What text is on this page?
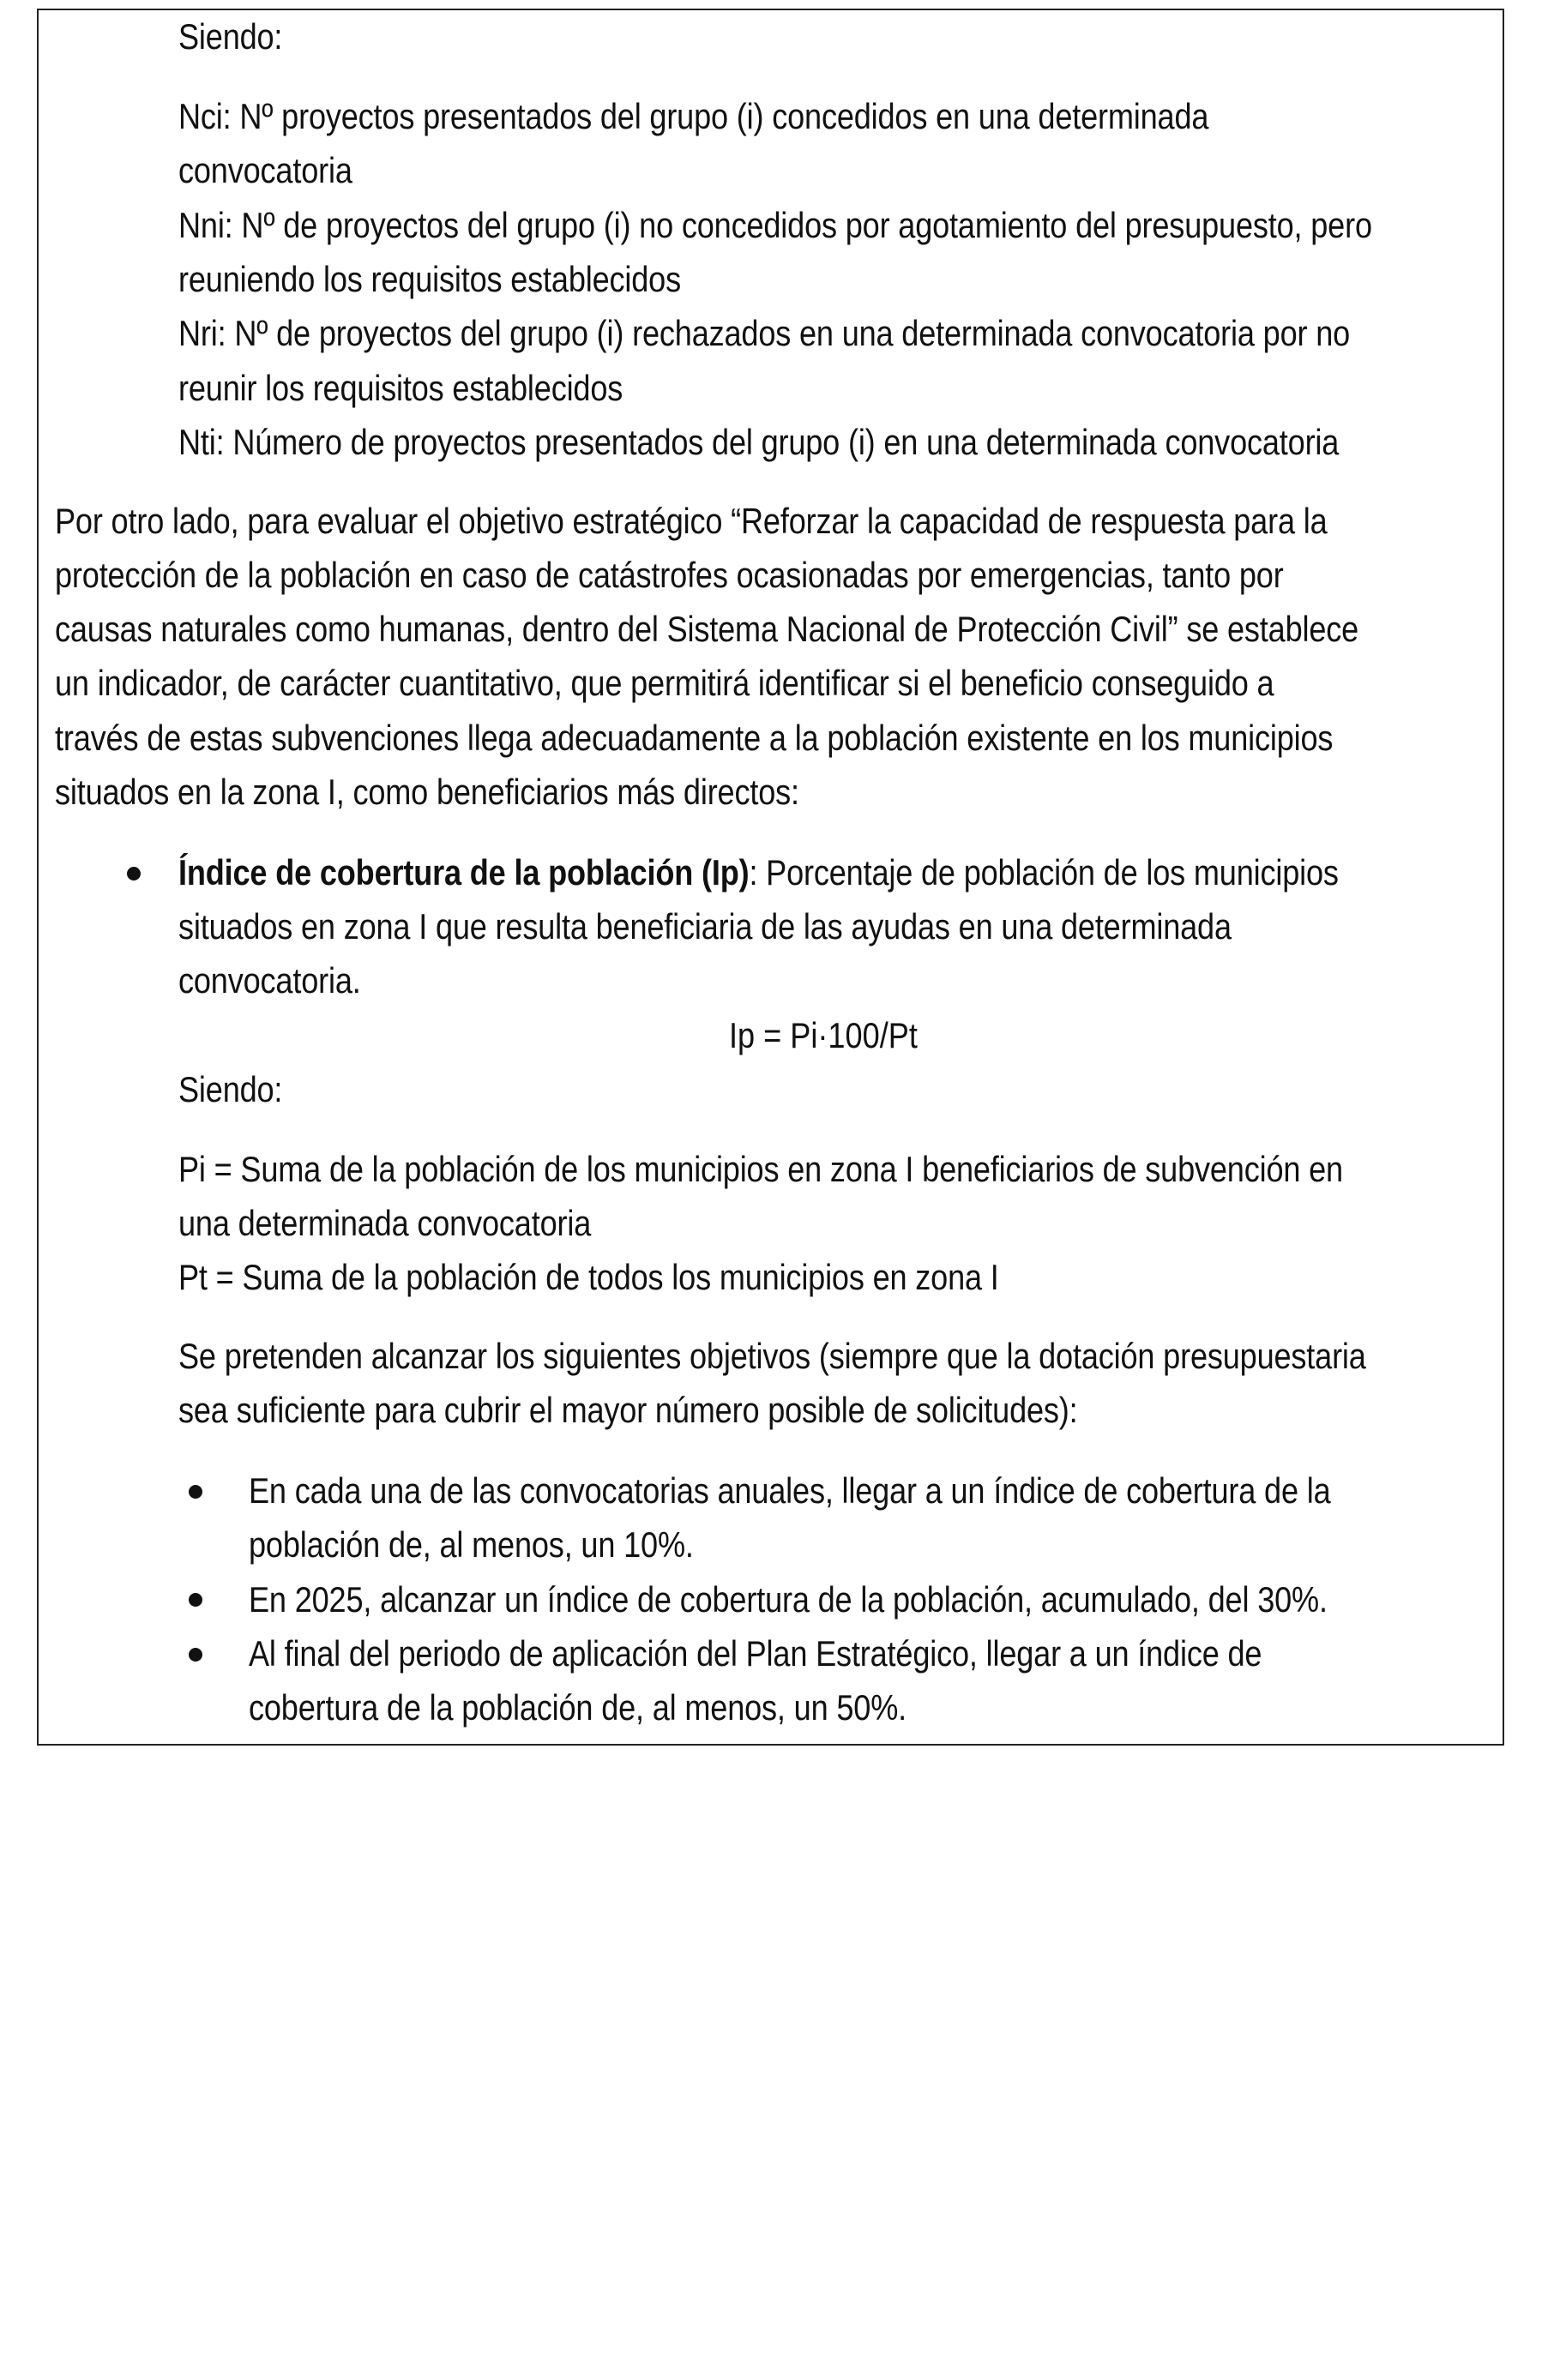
Siendo:
Nci: Nº proyectos presentados del grupo (i) concedidos en una determinada
convocatoria
Nni: Nº de proyectos del grupo (i) no concedidos por agotamiento del presupuesto, pero
reuniendo los requisitos establecidos
Nri: Nº de proyectos del grupo (i) rechazados en una determinada convocatoria por no
reunir los requisitos establecidos
Nti: Número de proyectos presentados del grupo (i) en una determinada convocatoria
Por otro lado, para evaluar el objetivo estratégico “Reforzar la capacidad de respuesta para la
protección de la población en caso de catástrofes ocasionadas por emergencias, tanto por
causas naturales como humanas, dentro del Sistema Nacional de Protección Civil” se establece
un indicador, de carácter cuantitativo, que permitirá identificar si el beneficio conseguido a
través de estas subvenciones llega adecuadamente a la población existente en los municipios
situados en la zona I, como beneficiarios más directos:
Índice de cobertura de la población (Ip): Porcentaje de población de los municipios
situados en zona I que resulta beneficiaria de las ayudas en una determinada
convocatoria.
Ip = Pi·100/Pt
Siendo:
Pi = Suma de la población de los municipios en zona I beneficiarios de subvención en
una determinada convocatoria
Pt = Suma de la población de todos los municipios en zona I
Se pretenden alcanzar los siguientes objetivos (siempre que la dotación presupuestaria
sea suficiente para cubrir el mayor número posible de solicitudes):
En cada una de las convocatorias anuales, llegar a un índice de cobertura de la
población de, al menos, un 10%.
En 2025, alcanzar un índice de cobertura de la población, acumulado, del 30%.
Al final del periodo de aplicación del Plan Estratégico, llegar a un índice de
cobertura de la población de, al menos, un 50%.
